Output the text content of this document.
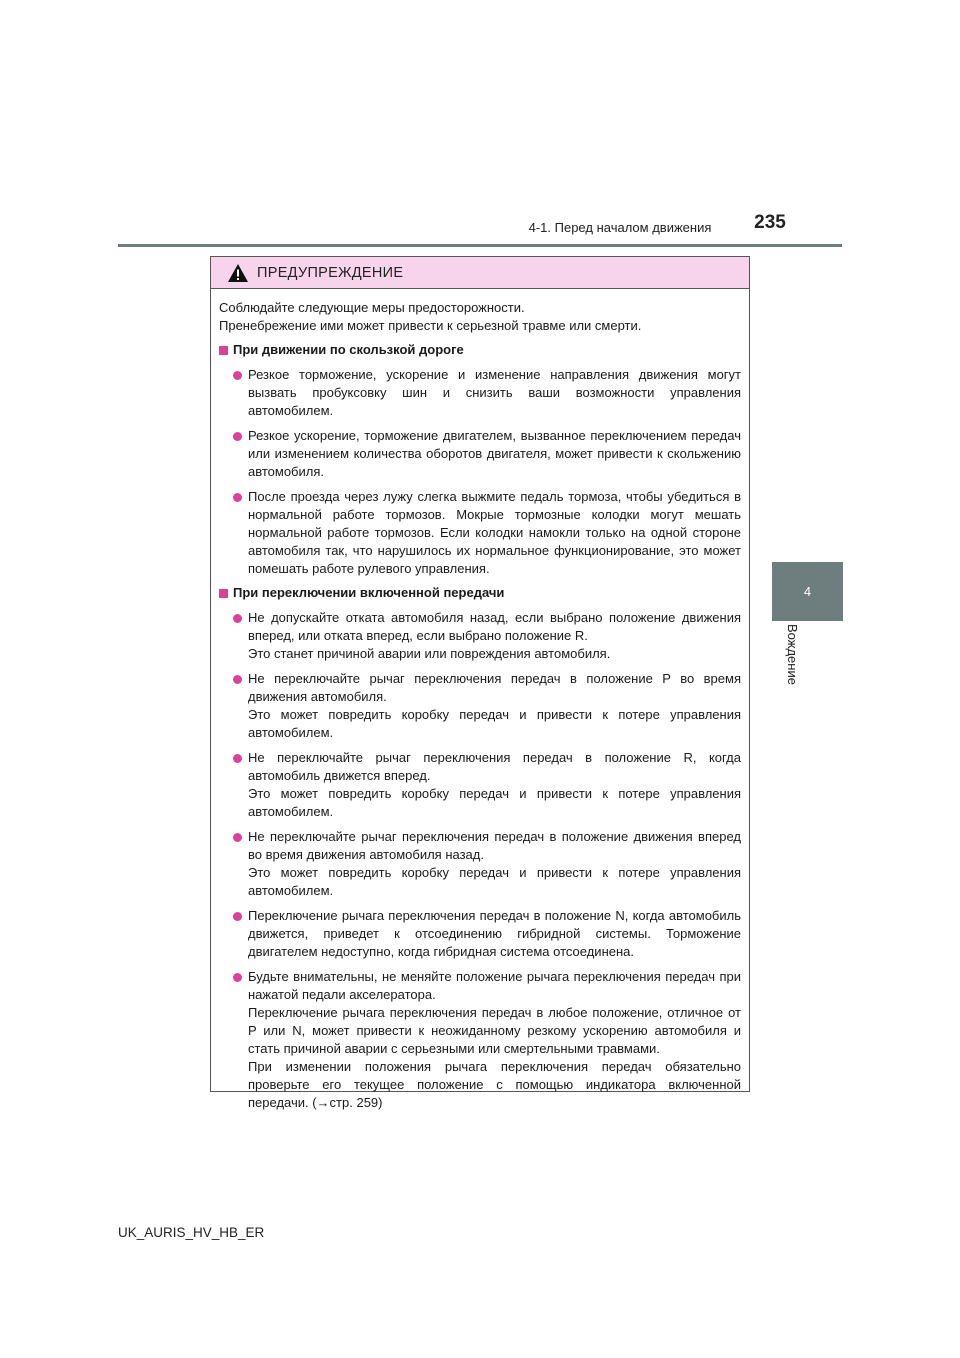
235
4-1. Перед началом движения
4
Вождение
ПРЕДУПРЕЖДЕНИЕ

Соблюдайте следующие меры предосторожности.

Пренебрежение ими может привести к серьезной травме или смерти.

При движении по скользкой дороге

Резкое торможение, ускорение и изменение направления движения могут вызвать пробуксовку шин и снизить ваши возможности управления автомобилем.

Резкое ускорение, торможение двигателем, вызванное переключением передач или изменением количества оборотов двигателя, может привести к скольжению автомобиля.

После проезда через лужу слегка выжмите педаль тормоза, чтобы убедиться в нормальной работе тормозов. Мокрые тормозные колодки могут мешать нормальной работе тормозов. Если колодки намокли только на одной стороне автомобиля так, что нарушилось их нормальное функционирование, это может помешать работе рулевого управления.

При переключении включенной передачи

Не допускайте отката автомобиля назад, если выбрано положение движения вперед, или отката вперед, если выбрано положение R.

Это станет причиной аварии или повреждения автомобиля.

Не переключайте рычаг переключения передач в положение P во время движения автомобиля.

Это может повредить коробку передач и привести к потере управления автомобилем.

Не переключайте рычаг переключения передач в положение R, когда автомобиль движется вперед.

Это может повредить коробку передач и привести к потере управления автомобилем.

Не переключайте рычаг переключения передач в положение движения вперед во время движения автомобиля назад.

Это может повредить коробку передач и привести к потере управления автомобилем.

Переключение рычага переключения передач в положение N, когда автомобиль движется, приведет к отсоединению гибридной системы. Торможение двигателем недоступно, когда гибридная система отсоединена.

Будьте внимательны, не меняйте положение рычага переключения передач при нажатой педали акселератора.

Переключение рычага переключения передач в любое положение, отличное от P или N, может привести к неожиданному резкому ускорению автомобиля и стать причиной аварии с серьезными или смертельными травмами.

При изменении положения рычага переключения передач обязательно проверьте его текущее положение с помощью индикатора включенной передачи. (→стр. 259)

UK_AURIS_HV_HB_ER
